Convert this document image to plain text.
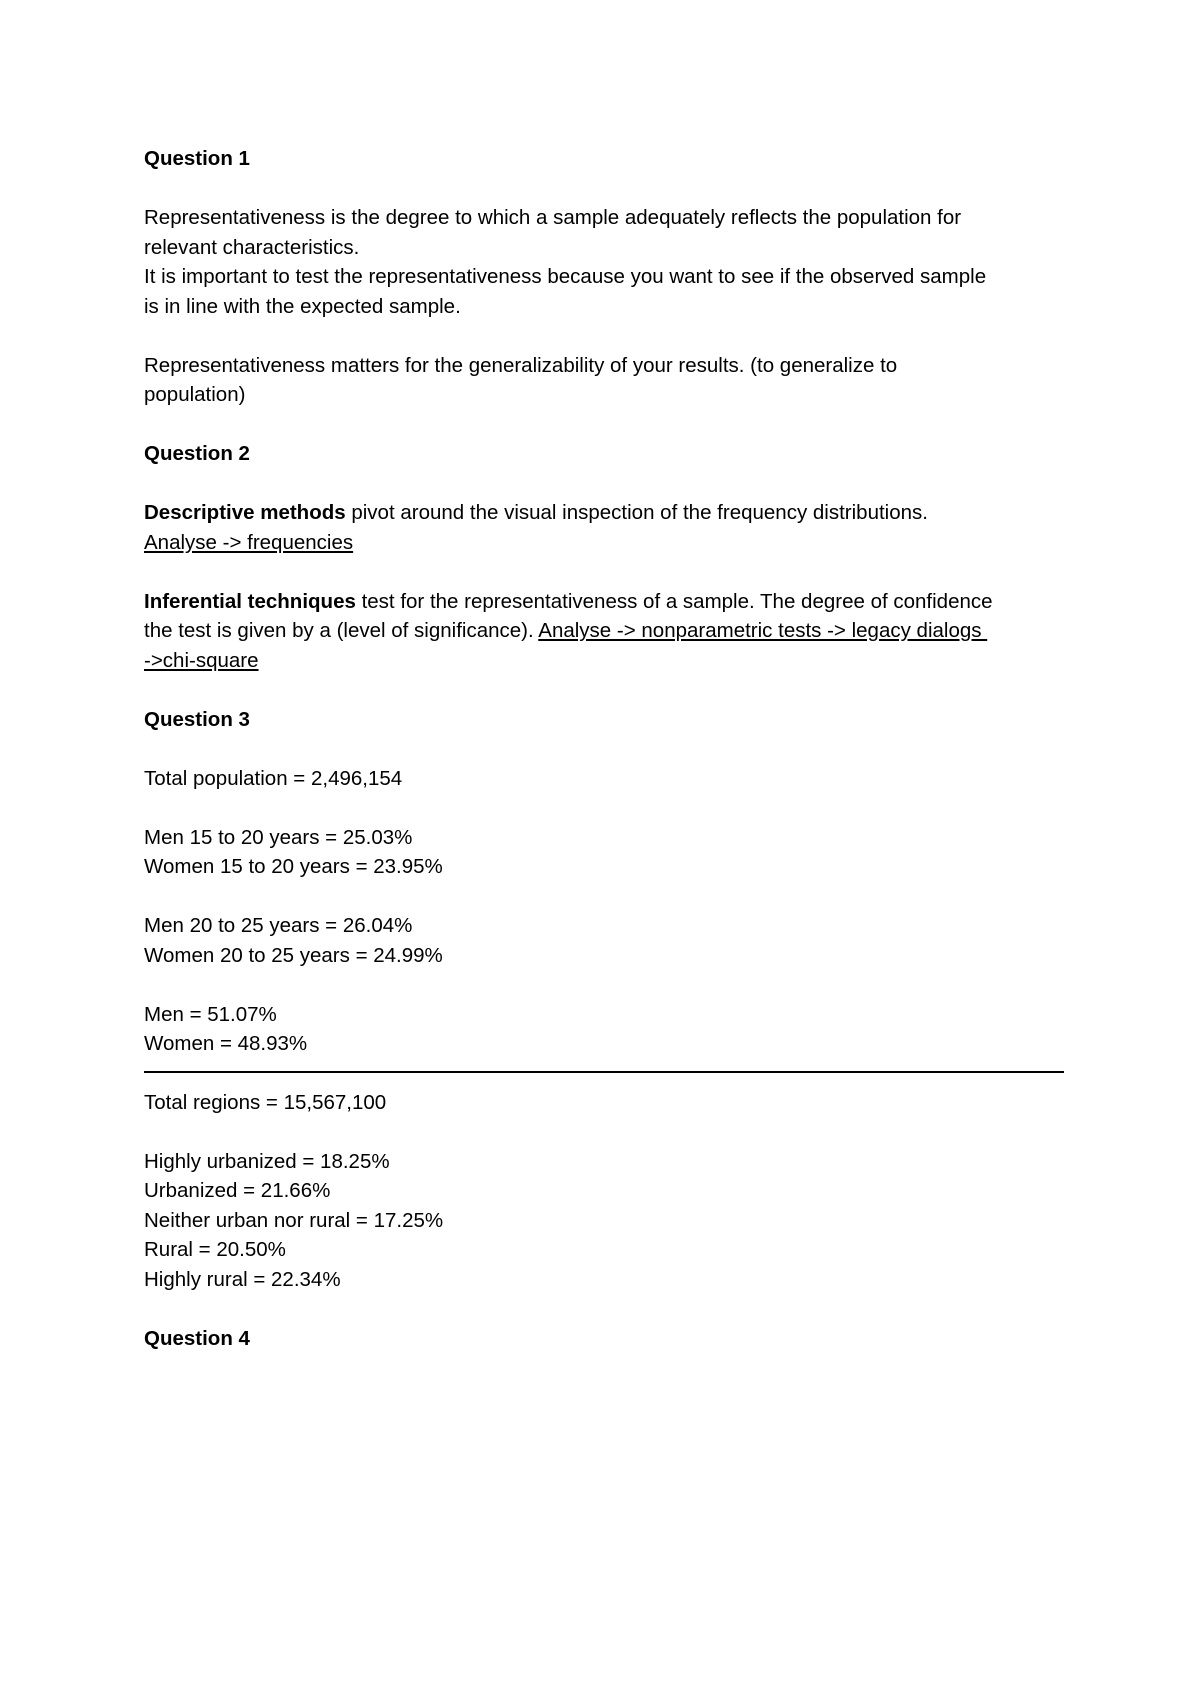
Question 1

Representativeness is the degree to which a sample adequately reflects the population for

relevant characteristics.

It is important to test the representativeness because you want to see if the observed sample

is in line with the expected sample.

Representativeness matters for the generalizability of your results. (to generalize to

population)

Question 2

Descriptive methods pivot around the visual inspection of the frequency distributions.

Analyse -> frequencies

Inferential techniques test for the representativeness of a sample. The degree of confidence

the test is given by a (level of significance). Analyse -> nonparametric tests -> legacy dialogs

->chi-square

Question 3

Total population = 2,496,154

Men 15 to 20 years = 25.03%

Women 15 to 20 years = 23.95%

Men 20 to 25 years = 26.04%

Women 20 to 25 years = 24.99%

Men = 51.07%

Women = 48.93%

Total regions = 15,567,100

Highly urbanized = 18.25%

Urbanized = 21.66%

Neither urban nor rural = 17.25%

Rural = 20.50%

Highly rural = 22.34%

Question 4
